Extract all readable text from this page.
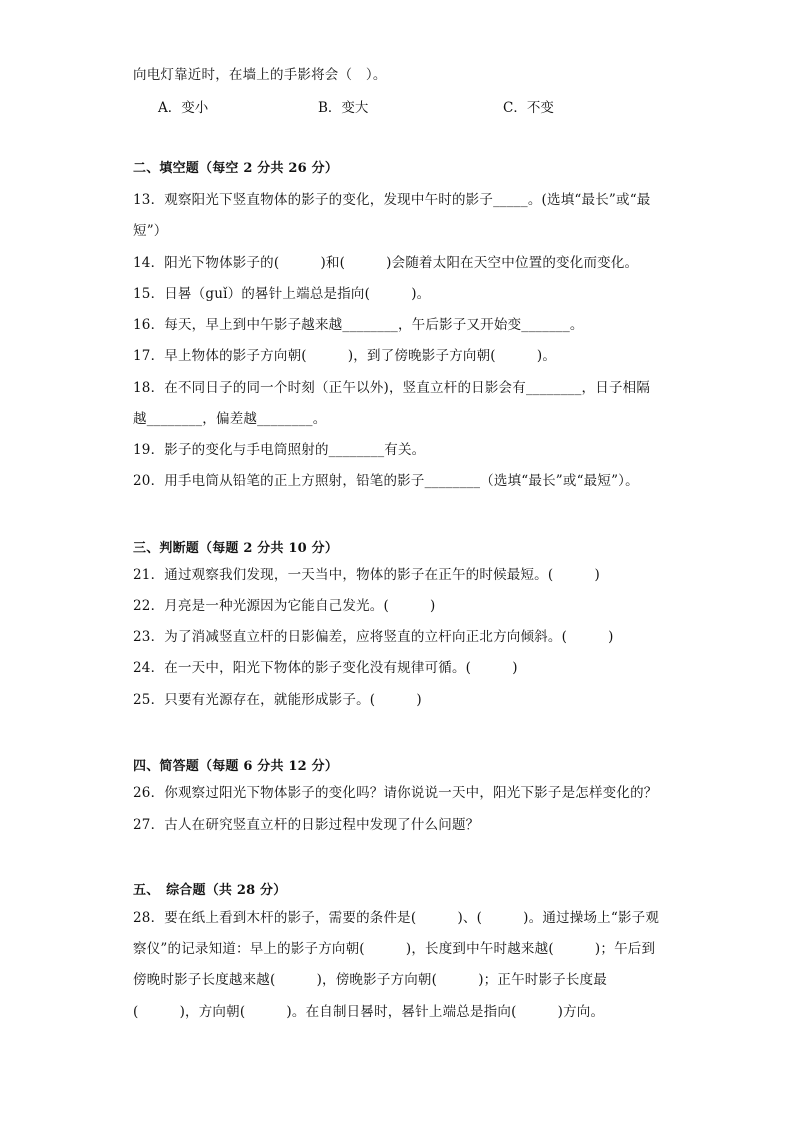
向电灯靠近时，在墙上的手影将会（　）。
A．变小	B．变大	C．不变
二、填空题（每空 2 分共 26 分）
13．观察阳光下竖直物体的影子的变化，发现中午时的影子_____。(选填“最长”或“最
短”）
14．阳光下物体影子的(　　　)和(　　　)会随着太阳在天空中位置的变化而变化。
15．日晷（guǐ）的晷针上端总是指向(　　　)。
16．每天，早上到中午影子越来越________，午后影子又开始变_______。
17．早上物体的影子方向朝(　　　)，到了傍晚影子方向朝(　　　)。
18．在不同日子的同一个时刻（正午以外)，竖直立杆的日影会有________，日子相隔
越________，偏差越________。
19．影子的变化与手电筒照射的________有关。
20．用手电筒从铅笔的正上方照射，铅笔的影子________（选填“最长”或“最短”）。
三、判断题（每题 2 分共 10 分）
21．通过观察我们发现，一天当中，物体的影子在正午的时候最短。(　　　)
22．月亮是一种光源因为它能自己发光。(　　　)
23．为了消减竖直立杆的日影偏差，应将竖直的立杆向正北方向倾斜。(　　　)
24．在一天中，阳光下物体的影子变化没有规律可循。(　　　)
25．只要有光源存在，就能形成影子。(　　　)
四、简答题（每题 6 分共 12 分）
26．你观察过阳光下物体影子的变化吗？请你说说一天中，阳光下影子是怎样变化的？
27．古人在研究竖直立杆的日影过程中发现了什么问题？
五、　综合题（共 28 分）
28．要在纸上看到木杆的影子，需要的条件是(　　　)、(　　　)。通过操场上“影子观
察仪”的记录知道：早上的影子方向朝(　　　)，长度到中午时越来越(　　　)；午后到
傍晚时影子长度越来越(　　　)，傍晚影子方向朝(　　　)；正午时影子长度最
(　　　)，方向朝(　　　)。在自制日晷时，晷针上端总是指向(　　　)方向。
